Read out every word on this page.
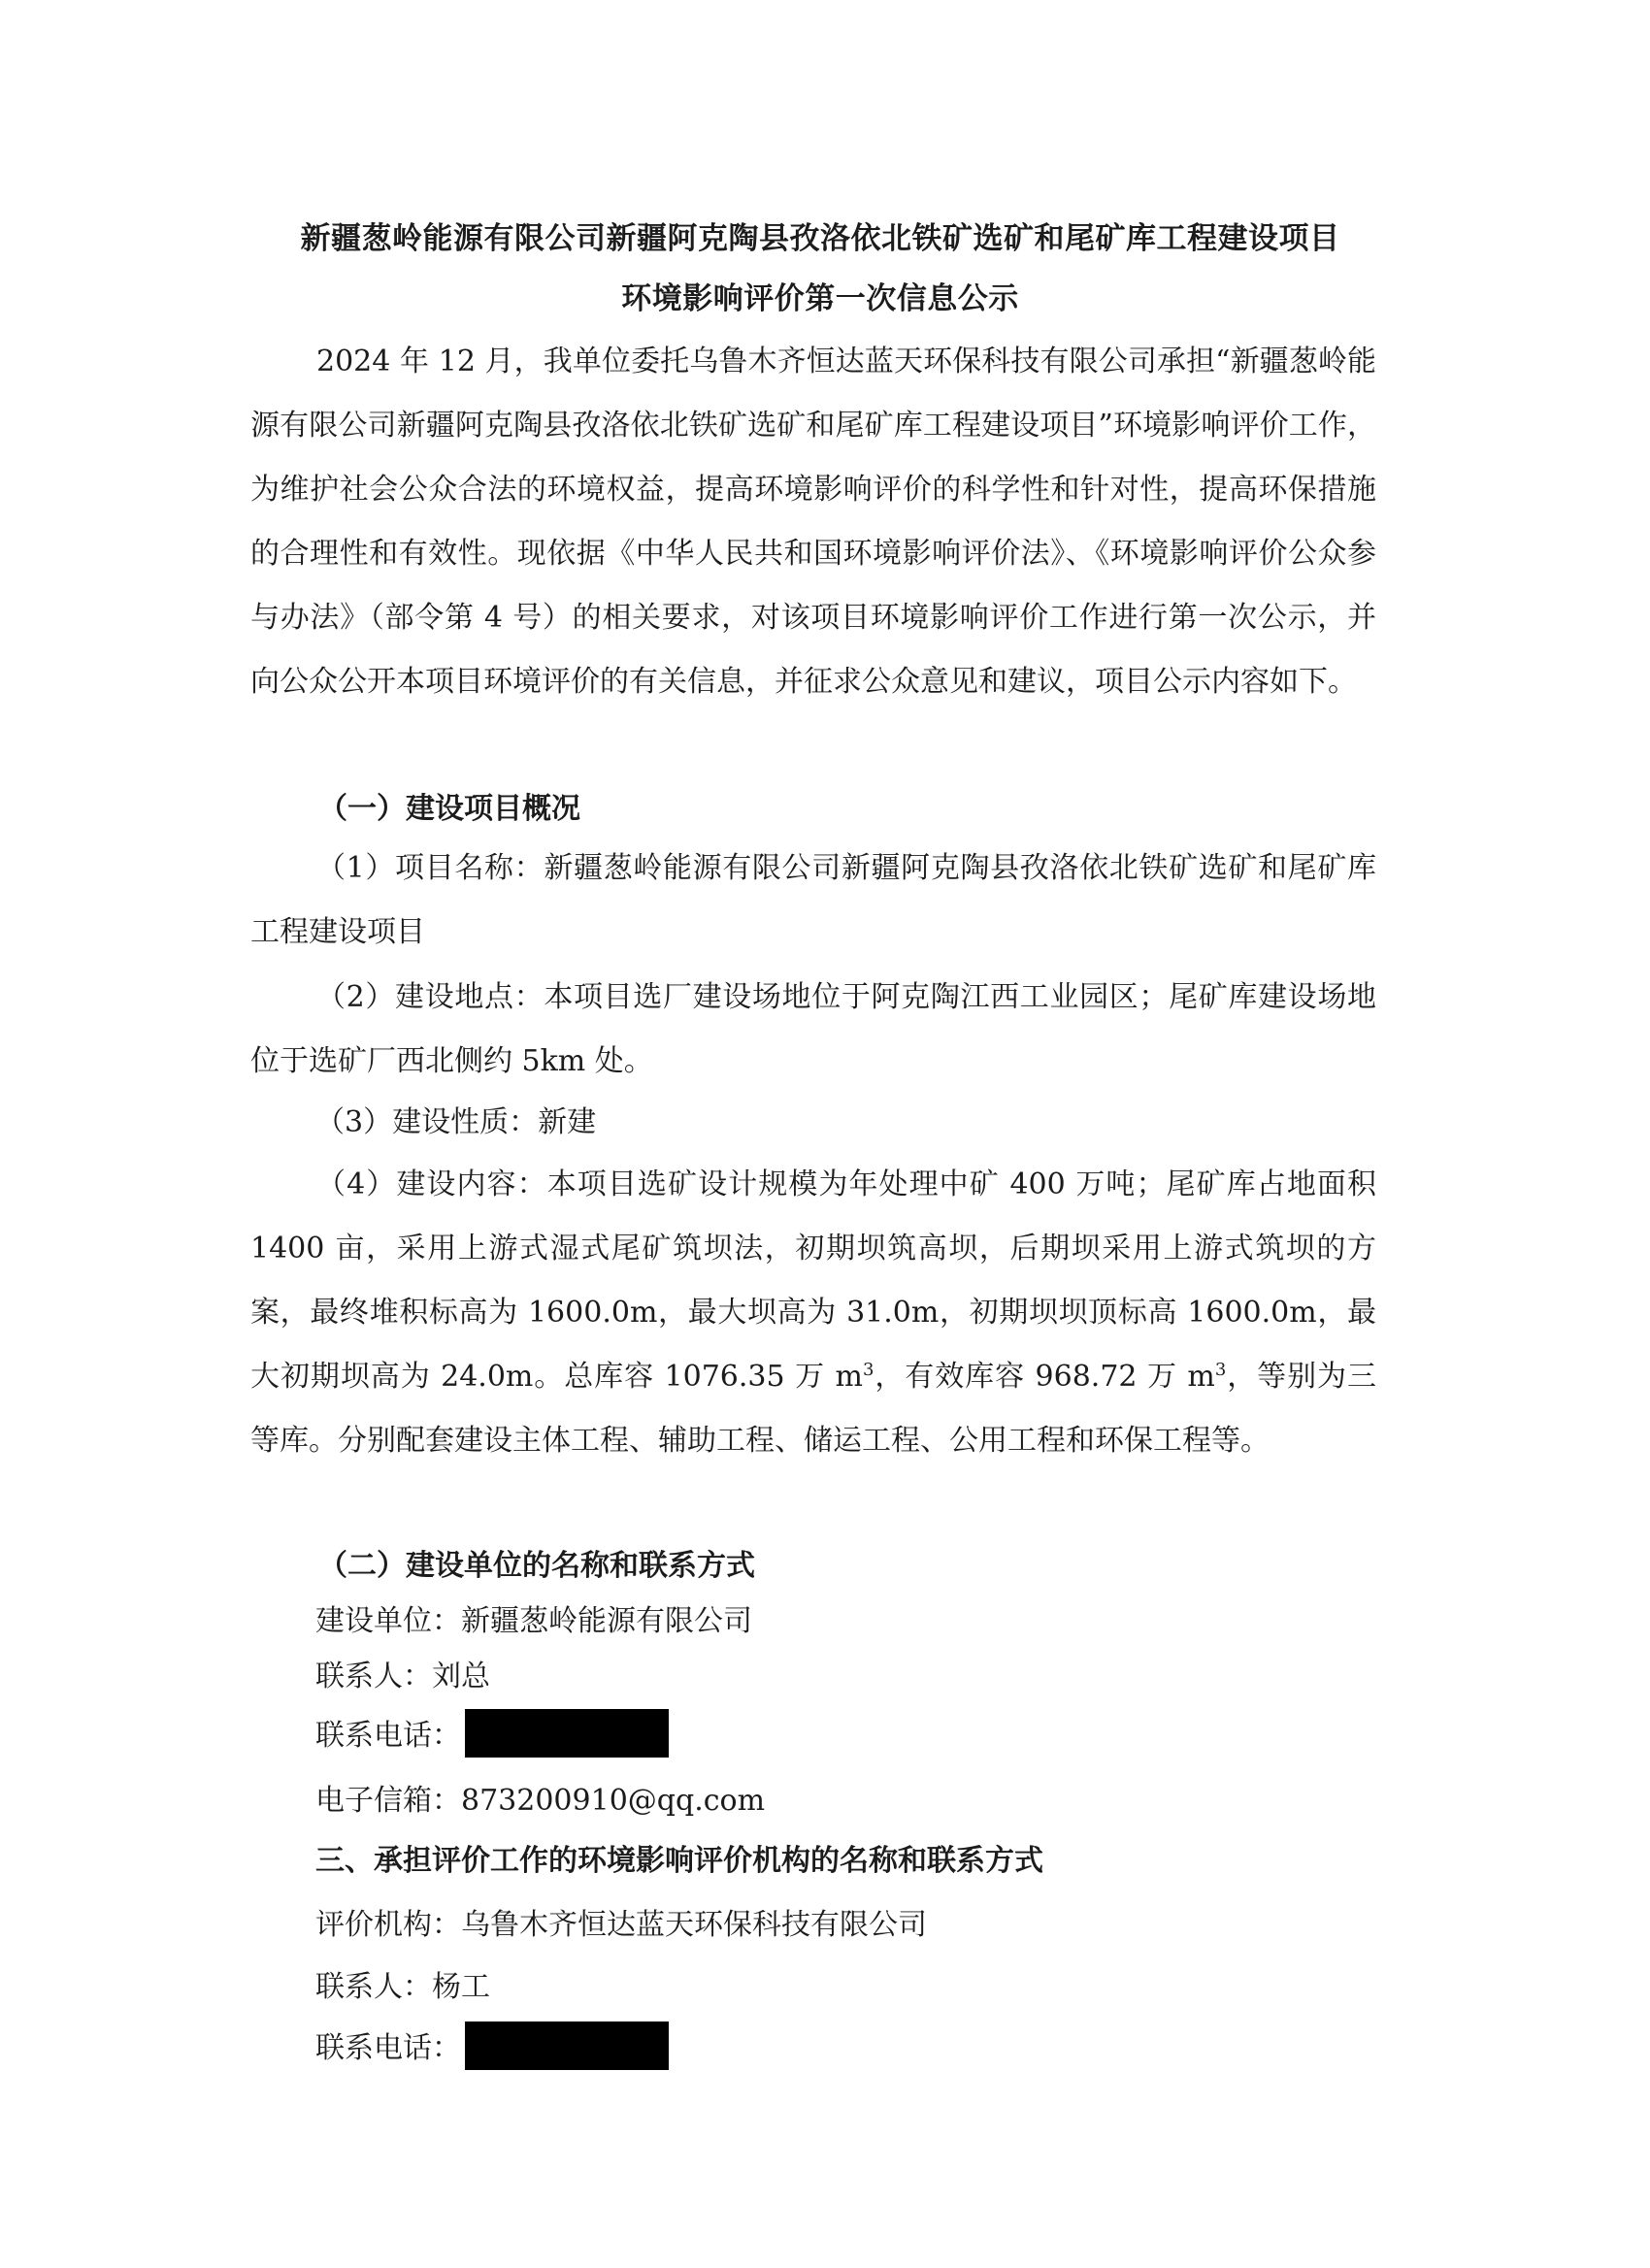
新疆葱岭能源有限公司新疆阿克陶县孜洛依北铁矿选矿和尾矿库工程建设项目
环境影响评价第一次信息公示

2024 年 12 月，我单位委托乌鲁木齐恒达蓝天环保科技有限公司承担“新疆葱岭能源有限公司新疆阿克陶县孜洛依北铁矿选矿和尾矿库工程建设项目”环境影响评价工作，为维护社会公众合法的环境权益，提高环境影响评价的科学性和针对性，提高环保措施的合理性和有效性。现依据《中华人民共和国环境影响评价法》、《环境影响评价公众参与办法》（部令第 4 号）的相关要求，对该项目环境影响评价工作进行第一次公示，并向公众公开本项目环境评价的有关信息，并征求公众意见和建议，项目公示内容如下。

（一）建设项目概况

（1）项目名称：新疆葱岭能源有限公司新疆阿克陶县孜洛依北铁矿选矿和尾矿库工程建设项目

（2）建设地点：本项目选厂建设场地位于阿克陶江西工业园区；尾矿库建设场地位于选矿厂西北侧约 5km 处。

（3）建设性质：新建

（4）建设内容：本项目选矿设计规模为年处理中矿 400 万吨；尾矿库占地面积 1400 亩，采用上游式湿式尾矿筑坝法，初期坝筑高坝，后期坝采用上游式筑坝的方案，最终堆积标高为 1600.0m，最大坝高为 31.0m，初期坝坝顶标高 1600.0m，最大初期坝高为 24.0m。总库容 1076.35 万 $m^3$，有效库容 968.72 万 $m^3$，等别为三等库。分别配套建设主体工程、辅助工程、储运工程、公用工程和环保工程等。

（二）建设单位的名称和联系方式
建设单位：新疆葱岭能源有限公司
联系人：刘总
联系电话：
电子信箱：873200910@qq.com
三、承担评价工作的环境影响评价机构的名称和联系方式
评价机构：乌鲁木齐恒达蓝天环保科技有限公司
联系人：杨工
联系电话：
